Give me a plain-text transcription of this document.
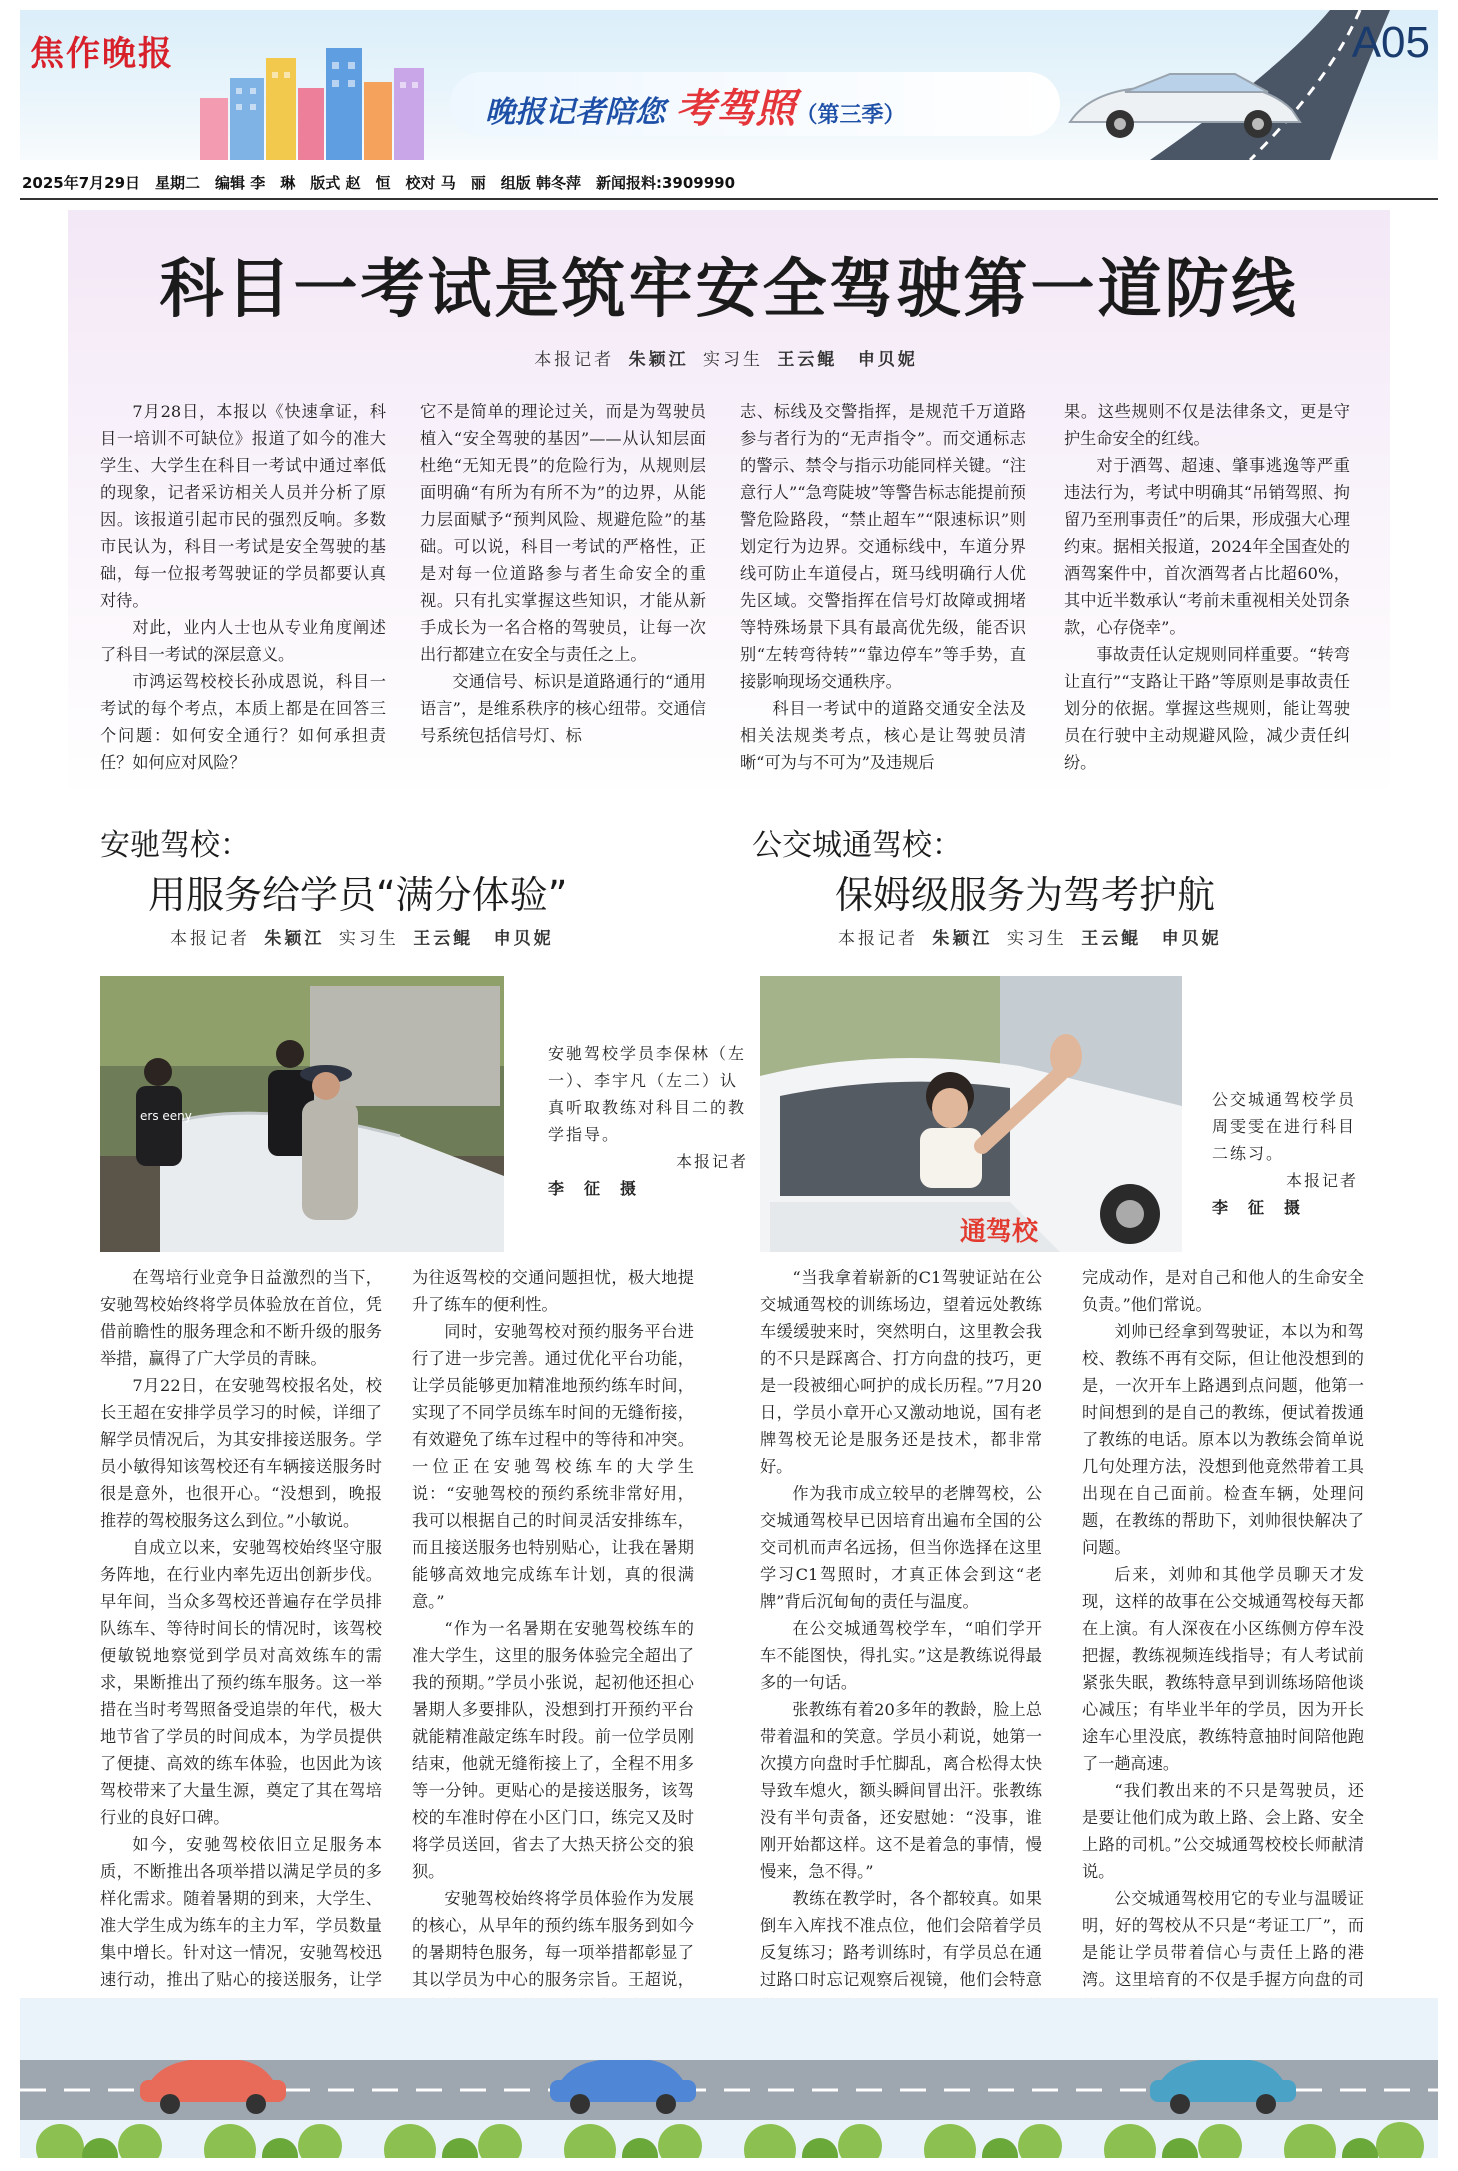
焦作晚报
晚报记者陪您 考驾照（第三季）
A05
2025年7月29日　星期二　编辑 李　琳　版式 赵　恒　校对 马　丽　组版 韩冬萍　新闻报料:3909990
科目一考试是筑牢安全驾驶第一道防线
本报记者 朱颖江 实习生 王云鲲 申贝妮

7月28日，本报以《快速拿证，科目一培训不可缺位》报道了如今的准大学生、大学生在科目一考试中通过率低的现象，记者采访相关人员并分析了原因。该报道引起市民的强烈反响。多数市民认为，科目一考试是安全驾驶的基础，每一位报考驾驶证的学员都要认真对待。

对此，业内人士也从专业角度阐述了科目一考试的深层意义。

市鸿运驾校校长孙成恩说，科目一考试的每个考点，本质上都是在回答三个问题：如何安全通行？如何承担责任？如何应对风险？

它不是简单的理论过关，而是为驾驶员植入“安全驾驶的基因”——从认知层面杜绝“无知无畏”的危险行为，从规则层面明确“有所为有所不为”的边界，从能力层面赋予“预判风险、规避危险”的基础。可以说，科目一考试的严格性，正是对每一位道路参与者生命安全的重视。只有扎实掌握这些知识，才能从新手成长为一名合格的驾驶员，让每一次出行都建立在安全与责任之上。

交通信号、标识是道路通行的“通用语言”，是维系秩序的核心纽带。交通信号系统包括信号灯、标

志、标线及交警指挥，是规范千万道路参与者行为的“无声指令”。而交通标志的警示、禁令与指示功能同样关键。“注意行人”“急弯陡坡”等警告标志能提前预警危险路段，“禁止超车”“限速标识”则划定行为边界。交通标线中，车道分界线可防止车道侵占，斑马线明确行人优先区域。交警指挥在信号灯故障或拥堵等特殊场景下具有最高优先级，能否识别“左转弯待转”“靠边停车”等手势，直接影响现场交通秩序。

科目一考试中的道路交通安全法及相关法规类考点，核心是让驾驶员清晰“可为与不可为”及违规后

果。这些规则不仅是法律条文，更是守护生命安全的红线。

对于酒驾、超速、肇事逃逸等严重违法行为，考试中明确其“吊销驾照、拘留乃至刑事责任”的后果，形成强大心理约束。据相关报道，2024年全国查处的酒驾案件中，首次酒驾者占比超60%，其中近半数承认“考前未重视相关处罚条款，心存侥幸”。

事故责任认定规则同样重要。“转弯让直行”“支路让干路”等原则是事故责任划分的依据。掌握这些规则，能让驾驶员在行驶中主动规避风险，减少责任纠纷。

安驰驾校：
用服务给学员“满分体验”
本报记者 朱颖江 实习生 王云鲲 申贝妮
ers eeny
安驰驾校学员李保林（左一）、李宇凡（左二）认真听取教练对科目二的教学指导。
本报记者
李　征　摄

在驾培行业竞争日益激烈的当下，安驰驾校始终将学员体验放在首位，凭借前瞻性的服务理念和不断升级的服务举措，赢得了广大学员的青睐。

7月22日，在安驰驾校报名处，校长王超在安排学员学习的时候，详细了解学员情况后，为其安排接送服务。学员小敏得知该驾校还有车辆接送服务时很是意外，也很开心。“没想到，晚报推荐的驾校服务这么到位。”小敏说。

自成立以来，安驰驾校始终坚守服务阵地，在行业内率先迈出创新步伐。早年间，当众多驾校还普遍存在学员排队练车、等待时间长的情况时，该驾校便敏锐地察觉到学员对高效练车的需求，果断推出了预约练车服务。这一举措在当时考驾照备受追崇的年代，极大地节省了学员的时间成本，为学员提供了便捷、高效的练车体验，也因此为该驾校带来了大量生源，奠定了其在驾培行业的良好口碑。

如今，安驰驾校依旧立足服务本质，不断推出各项举措以满足学员的多样化需求。随着暑期的到来，大学生、准大学生成为练车的主力军，学员数量集中增长。针对这一情况，安驰驾校迅速行动，推出了贴心的接送服务，让学

为往返驾校的交通问题担忧，极大地提升了练车的便利性。

同时，安驰驾校对预约服务平台进行了进一步完善。通过优化平台功能，让学员能够更加精准地预约练车时间，实现了不同学员练车时间的无缝衔接，有效避免了练车过程中的等待和冲突。一位正在安驰驾校练车的大学生说：“安驰驾校的预约系统非常好用，我可以根据自己的时间灵活安排练车，而且接送服务也特别贴心，让我在暑期能够高效地完成练车计划，真的很满意。”

“作为一名暑期在安驰驾校练车的准大学生，这里的服务体验完全超出了我的预期。”学员小张说，起初他还担心暑期人多要排队，没想到打开预约平台就能精准敲定练车时段。前一位学员刚结束，他就无缝衔接上了，全程不用多等一分钟。更贴心的是接送服务，该驾校的车准时停在小区门口，练完又及时将学员送回，省去了大热天挤公交的狼狈。

安驰驾校始终将学员体验作为发展的核心，从早年的预约练车服务到如今的暑期特色服务，每一项举措都彰显了其以学员为中心的服务宗旨。王超说，

公交城通驾校：
保姆级服务为驾考护航
本报记者 朱颖江 实习生 王云鲲 申贝妮
通驾校
公交城通驾校学员周雯雯在进行科目二练习。
本报记者
李　征　摄

“当我拿着崭新的C1驾驶证站在公交城通驾校的训练场边，望着远处教练车缓缓驶来时，突然明白，这里教会我的不只是踩离合、打方向盘的技巧，更是一段被细心呵护的成长历程。”7月20日，学员小章开心又激动地说，国有老牌驾校无论是服务还是技术，都非常好。

作为我市成立较早的老牌驾校，公交城通驾校早已因培育出遍布全国的公交司机而声名远扬，但当你选择在这里学习C1驾照时，才真正体会到这“老牌”背后沉甸甸的责任与温度。

在公交城通驾校学车，“咱们学开车不能图快，得扎实。”这是教练说得最多的一句话。

张教练有着20多年的教龄，脸上总带着温和的笑意。学员小莉说，她第一次摸方向盘时手忙脚乱，离合松得太快导致车熄火，额头瞬间冒出汗。张教练没有半句责备，还安慰她：“没事，谁刚开始都这样。这不是着急的事情，慢慢来，急不得。”

教练在教学时，各个都较真。如果倒车入库找不准点位，他们会陪着学员反复练习；路考训练时，有学员总在通过路口时忘记观察后视镜，他们会特意

完成动作，是对自己和他人的生命安全负责。”他们常说。

刘帅已经拿到驾驶证，本以为和驾校、教练不再有交际，但让他没想到的是，一次开车上路遇到点问题，他第一时间想到的是自己的教练，便试着拨通了教练的电话。原本以为教练会简单说几句处理方法，没想到他竟然带着工具出现在自己面前。检查车辆，处理问题，在教练的帮助下，刘帅很快解决了问题。

后来，刘帅和其他学员聊天才发现，这样的故事在公交城通驾校每天都在上演。有人深夜在小区练侧方停车没把握，教练视频连线指导；有人考试前紧张失眠，教练特意早到训练场陪他谈心减压；有毕业半年的学员，因为开长途车心里没底，教练特意抽时间陪他跑了一趟高速。

“我们教出来的不只是驾驶员，还是要让他们成为敢上路、会上路、安全上路的司机。”公交城通驾校校长师献清说。

公交城通驾校用它的专业与温暖证明，好的驾校从不只是“考证工厂”，而是能让学员带着信心与责任上路的港湾。这里培育的不仅是手握方向盘的司
